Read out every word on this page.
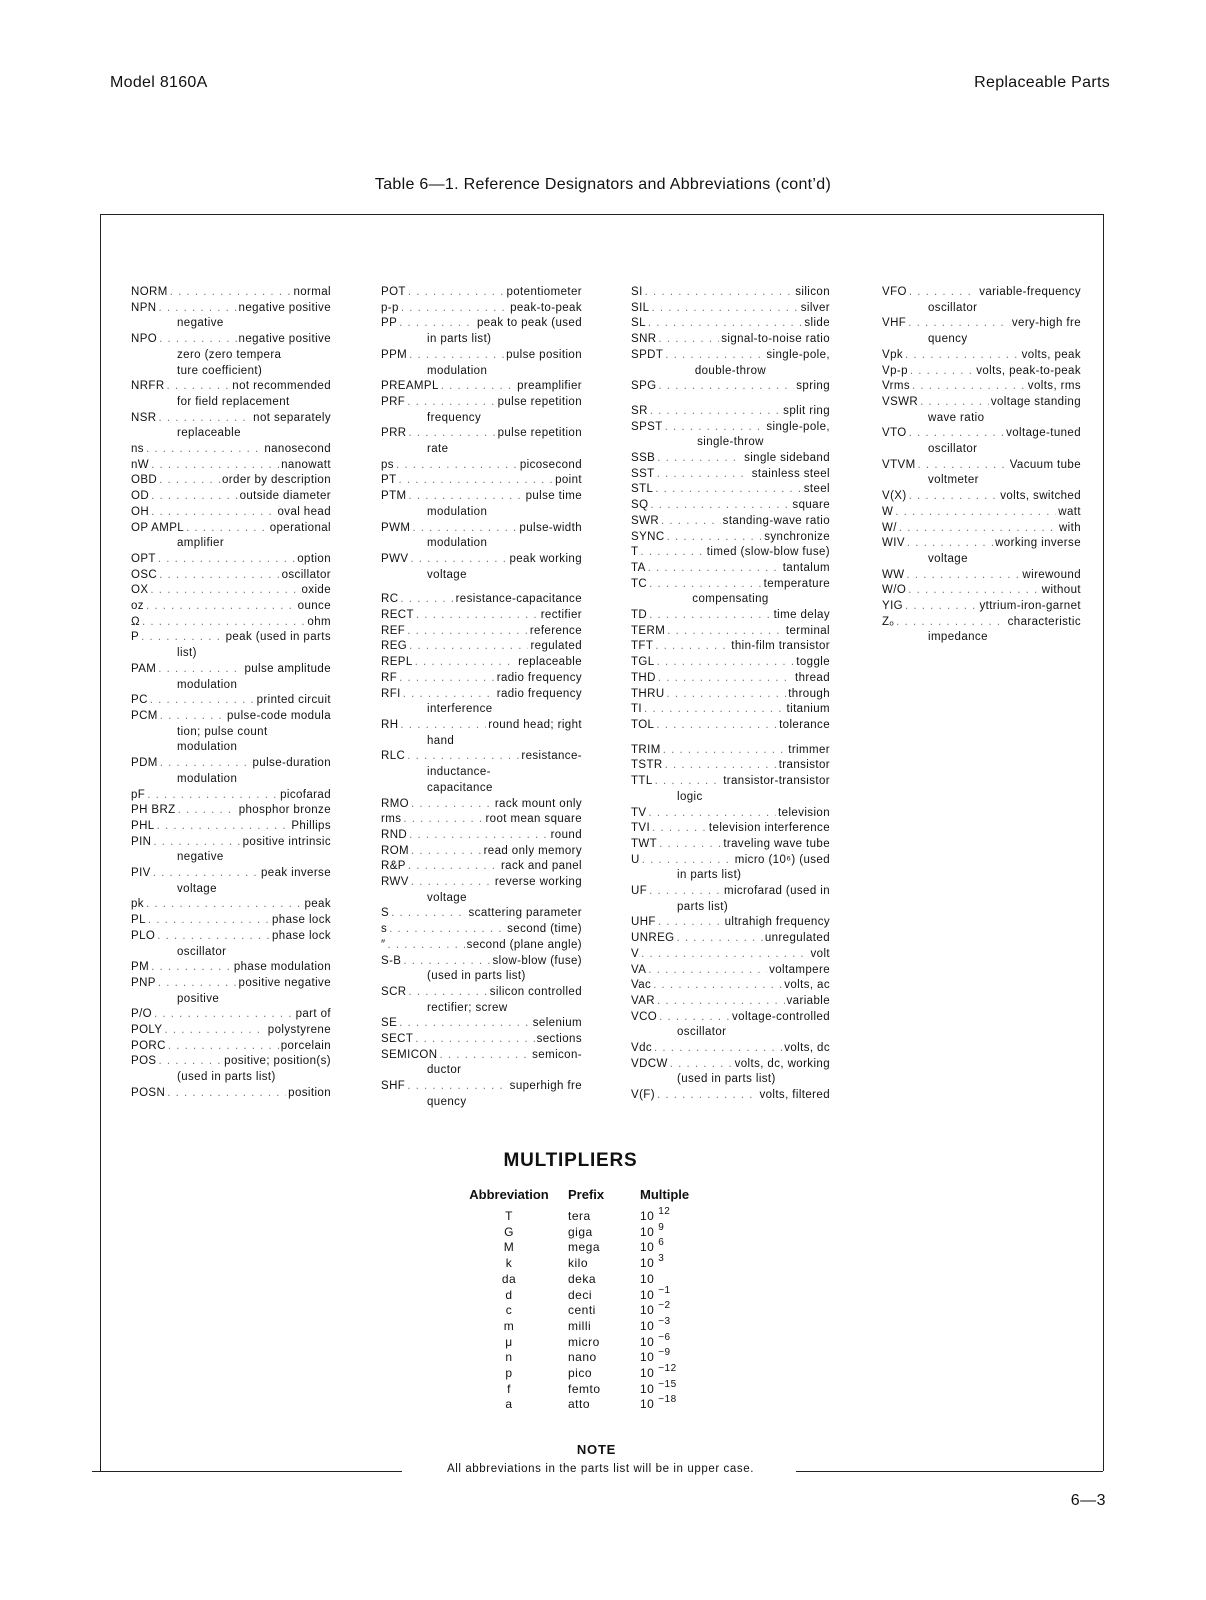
Model 8160A	Replaceable Parts
Table 6—1. Reference Designators and Abbreviations (cont’d)
NORM . . .	normal
NPN . . .	negative positive
negative
NPO . . .	negative positive
zero (zero tempera
ture coefficient)
NRFR . . .	not recommended
for field replacement
NSR . . .	not separately
replaceable
ns . . .	nanosecond
nW . . .	nanowatt
OBD . . .	order by description
OD . . .	outside diameter
OH . . .	oval head
OP AMPL . . .	operational
amplifier
OPT . . .	option
OSC . . .	oscillator
OX . . .	oxide
oz . . .	ounce
Ω . . .	ohm
P . . .	peak (used in parts
list)
PAM . . .	pulse amplitude
modulation
PC . . .	printed circuit
PCM . . .	pulse-code modula
tion; pulse count
modulation
PDM . . .	pulse-duration
modulation
pF . . .	picofarad
PH BRZ . . .	phosphor bronze
PHL . . .	Phillips
PIN . . .	positive intrinsic
negative
PIV . . .	peak inverse
voltage
pk . . .	peak
PL . . .	phase lock
PLO . . .	phase lock
oscillator
PM . . .	phase modulation
PNP . . .	positive negative
positive
P/O . . .	part of
POLY . . .	polystyrene
PORC . . .	porcelain
POS . . .	positive; position(s)
(used in parts list)
POSN . . .	position
POT . . .	potentiometer
p-p . . .	peak-to-peak
PP . . .	peak to peak (used
in parts list)
PPM . . .	pulse position
modulation
PREAMPL . . .	preamplifier
PRF . . .	pulse repetition
frequency
PRR . . .	pulse repetition
rate
ps . . .	picosecond
PT . . .	point
PTM . . .	pulse time
modulation
PWM . . .	pulse-width
modulation
PWV . . .	peak working
voltage
RC . . .	resistance-capacitance
RECT . . .	rectifier
REF . . .	reference
REG . . .	regulated
REPL . . .	replaceable
RF . . .	radio frequency
RFI . . .	radio frequency
interference
RH . . .	round head; right
hand
RLC . . .	resistance-
inductance-
capacitance
RMO . . .	rack mount only
rms . . .	root mean square
RND . . .	round
ROM . . .	read only memory
R&P . . .	rack and panel
RWV . . .	reverse working
voltage
S . . .	scattering parameter
s . . .	second (time)
″ . . .	second (plane angle)
S-B . . .	slow-blow (fuse)
(used in parts list)
SCR . . .	silicon controlled
rectifier; screw
SE . . .	selenium
SECT . . .	sections
SEMICON . . .	semicon-
ductor
SHF . . .	superhigh fre
quency
SI . . .	silicon
SIL . . .	silver
SL . . .	slide
SNR . . .	signal-to-noise ratio
SPDT . . .	single-pole,
double-throw
SPG . . .	spring
SR . . .	split ring
SPST . . .	single-pole,
single-throw
SSB . . .	single sideband
SST . . .	stainless steel
STL . . .	steel
SQ . . .	square
SWR . . .	standing-wave ratio
SYNC . . .	synchronize
T . . .	timed (slow-blow fuse)
TA . . .	tantalum
TC . . .	temperature
compensating
TD . . .	time delay
TERM . . .	terminal
TFT . . .	thin-film transistor
TGL . . .	toggle
THD . . .	thread
THRU . . .	through
TI . . .	titanium
TOL . . .	tolerance
TRIM . . .	trimmer
TSTR . . .	transistor
TTL . . .	transistor-transistor
logic
TV . . .	television
TVI . . .	television interference
TWT . . .	traveling wave tube
U . . .	micro (10⁶) (used
in parts list)
UF . . .	microfarad (used in
parts list)
UHF . . .	ultrahigh frequency
UNREG . . .	unregulated
V . . .	volt
VA . . .	voltampere
Vac . . .	volts, ac
VAR . . .	variable
VCO . . .	voltage-controlled
oscillator
Vdc . . .	volts, dc
VDCW . . .	volts, dc, working
(used in parts list)
V(F) . . .	volts, filtered
VFO . . .	variable-frequency
oscillator
VHF . . .	very-high fre
quency
Vpk . . .	volts, peak
Vp-p . . .	volts, peak-to-peak
Vrms . . .	volts, rms
VSWR . . .	voltage standing
wave ratio
VTO . . .	voltage-tuned
oscillator
VTVM . . .	Vacuum tube
voltmeter
V(X) . . .	volts, switched
W . . .	watt
W/ . . .	with
WIV . . .	working inverse
voltage
WW . . .	wirewound
W/O . . .	without
YIG . . .	yttrium-iron-garnet
Zₒ . . .	characteristic
impedance
MULTIPLIERS
Abbreviation	Prefix	Multiple
T	tera	10 $^{12}$
G	giga	10 $^9$
M	mega	10 $^6$
k	kilo	10 $^3$
da	deka	10
d	deci	10 $^{-1}$
c	centi	10 $^{-2}$
m	milli	10 $^{-3}$
μ	micro	10 $^{-6}$
n	nano	10 $^{-9}$
p	pico	10 $^{-12}$
f	femto	10 $^{-15}$
a	atto	10 $^{-18}$
NOTE
All abbreviations in the parts list will be in upper case.
6—3
